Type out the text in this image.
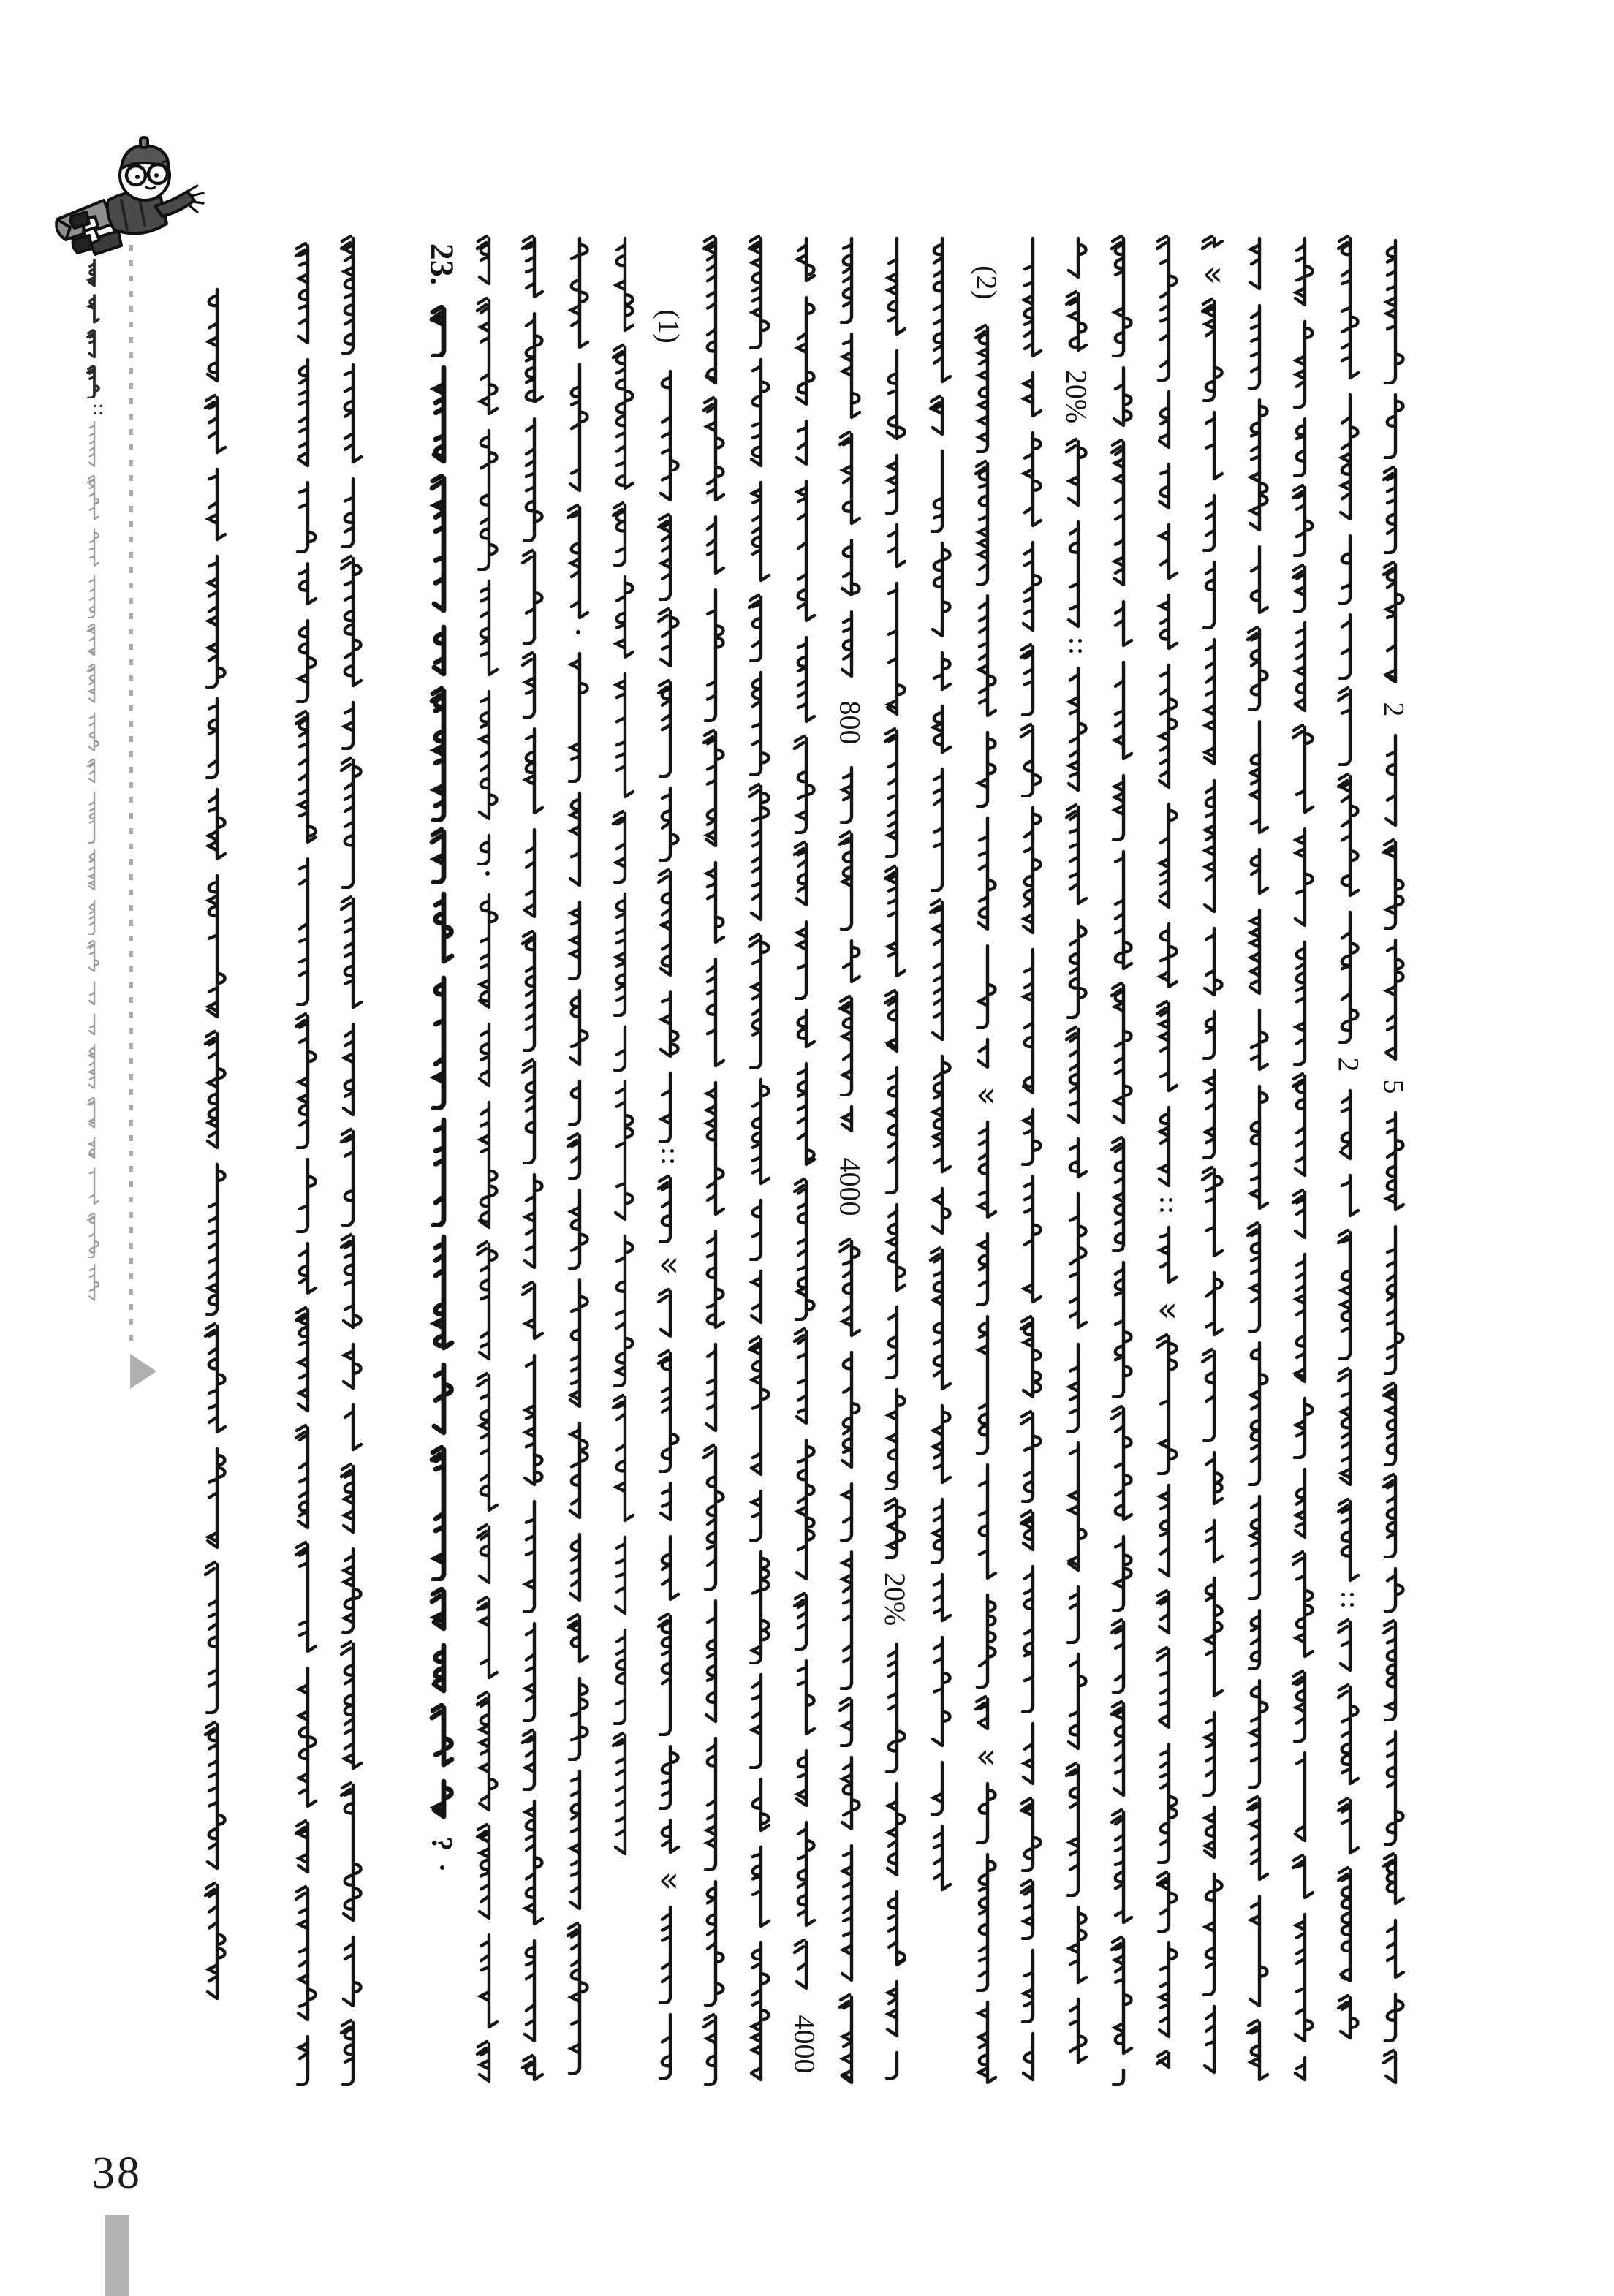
23.
?
(1)
«
«
4000
800
4000
20%
(2)
«
«
20%
«
«
2
2
5
38
